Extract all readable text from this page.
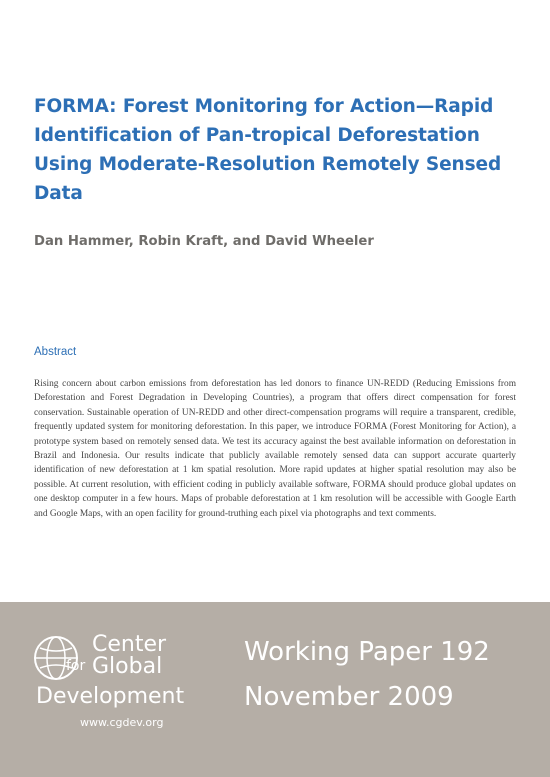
FORMA: Forest Monitoring for Action—Rapid Identification of Pan-tropical Deforestation Using Moderate-Resolution Remotely Sensed Data
Dan Hammer, Robin Kraft, and David Wheeler
Abstract

Rising concern about carbon emissions from deforestation has led donors to finance UN-REDD (Reducing Emissions from Deforestation and Forest Degradation in Developing Countries), a program that offers direct compensation for forest conservation. Sustainable operation of UN-REDD and other direct-compensation programs will require a transparent, credible, frequently updated system for monitoring deforestation. In this paper, we introduce FORMA (Forest Monitoring for Action), a prototype system based on remotely sensed data. We test its accuracy against the best available information on deforestation in Brazil and Indonesia. Our results indicate that publicly available remotely sensed data can support accurate quarterly identification of new deforestation at 1 km spatial resolution. More rapid updates at higher spatial resolution may also be possible. At current resolution, with efficient coding in publicly available software, FORMA should produce global updates on one desktop computer in a few hours. Maps of probable deforestation at 1 km resolution will be accessible with Google Earth and Google Maps, with an open facility for ground-truthing each pixel via photographs and text comments.

Center
for Global
Development
www.cgdev.org
Working Paper 192
November 2009
